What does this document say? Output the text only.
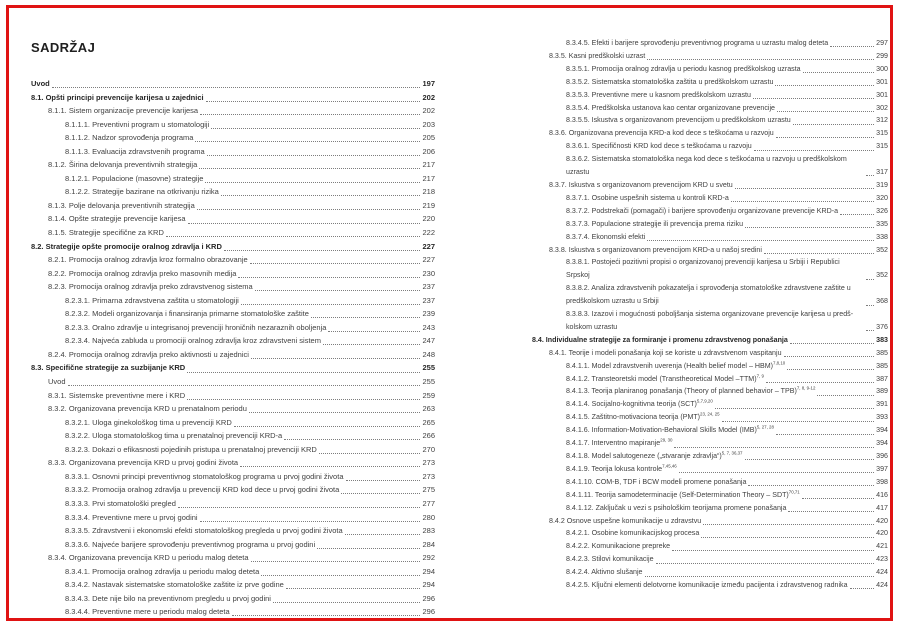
SADRŽAJ
Uvod	197
8.1. Opšti principi prevencije karijesa u zajednici	202
8.1.1. Sistem organizacije prevencije karijesa	202
8.1.1.1. Preventivni program u stomatologiji	203
8.1.1.2. Nadzor sprovođenja programa	205
8.1.1.3. Evaluacija zdravstvenih programa	206
8.1.2. Širina delovanja preventivnih strategija	217
8.1.2.1. Populacione (masovne) strategije	217
8.1.2.2. Strategije bazirane na otkrivanju rizika	218
8.1.3. Polje delovanja preventivnih strategija	219
8.1.4. Opšte strategije prevencije karijesa	220
8.1.5. Strategije specifične za KRD	222
8.2. Strategije opšte promocije oralnog zdravlja i KRD	227
8.2.1. Promocija oralnog zdravlja kroz formalno obrazovanje	227
8.2.2. Promocija oralnog zdravlja preko masovnih medija	230
8.2.3. Promocija oralnog zdravlja preko zdravstvenog sistema	237
8.2.3.1. Primarna zdravstvena zaštita u stomatologiji	237
8.2.3.2. Modeli organizovanja i finansiranja primarne stomatološke zaštite	239
8.2.3.3. Oralno zdravlje u integrisanoj prevenciji hroničnih nezaraznih oboljenja	243
8.2.3.4. Najveća zabluda u promociji oralnog zdravlja kroz zdravstveni sistem	247
8.2.4. Promocija oralnog zdravlja preko aktivnosti u zajednici	248
8.3. Specifične strategije za suzbijanje KRD	255
Uvod	255
8.3.1. Sistemske preventivne mere i KRD	259
8.3.2. Organizovana prevencija KRD u prenatalnom periodu	263
8.3.2.1. Uloga ginekološkog tima u prevenciji KRD	265
8.3.2.2. Uloga stomatološkog tima u prenatalnoj prevenciji KRD-a	266
8.3.2.3. Dokazi o efikasnosti pojedinih pristupa u prenatalnoj prevenciji KRD	270
8.3.3. Organizovana prevencija KRD u prvoj godini života	273
8.3.3.1. Osnovni principi preventivnog stomatološkog programa u prvoj godini života	273
8.3.3.2. Promocija oralnog zdravlja u prevenciji KRD kod dece u prvoj godini života	275
8.3.3.3. Prvi stomatološki pregled	277
8.3.3.4. Preventivne mere u prvoj godini	280
8.3.3.5. Zdravstveni i ekonomski efekti stomatološkog pregleda u prvoj godini života	283
8.3.3.6. Najveće barijere sprovođenju preventivnog programa u prvoj godini	284
8.3.4. Organizovana prevencija KRD u periodu malog deteta	292
8.3.4.1. Promocija oralnog zdravlja u periodu malog deteta	294
8.3.4.2. Nastavak sistematske stomatološke zaštite iz prve godine	294
8.3.4.3. Dete nije bilo na preventivnom pregledu u prvoj godini	296
8.3.4.4. Preventivne mere u periodu malog deteta	296
8.3.4.5. Efekti i barijere sprovođenju preventivnog programa u uzrastu malog deteta	297
8.3.5. Kasni predškolski uzrast	299
8.3.5.1. Promocija oralnog zdravlja u periodu kasnog predškolskog uzrasta	300
8.3.5.2. Sistematska stomatološka zaštita u predškolskom uzrastu	301
8.3.5.3. Preventivne mere u kasnom predškolskom uzrastu	301
8.3.5.4. Predškolska ustanova kao centar organizovane prevencije	302
8.3.5.5. Iskustva s organizovanom prevencijom u predškolskom uzrastu	312
8.3.6. Organizovana prevencija KRD-a kod dece s teškoćama u razvoju	315
8.3.6.1. Specifičnosti KRD kod dece s teškoćama u razvoju	315
8.3.6.2. Sistematska stomatološka nega kod dece s teškoćama u razvoju u predškolskom uzrastu	317
8.3.7. Iskustva s organizovanom prevencijom KRD u svetu	319
8.3.7.1. Osobine uspešnih sistema u kontroli KRD-a	320
8.3.7.2. Podstrekači (pomagači) i barijere sprovođenju organizovane prevencije KRD-a	326
8.3.7.3. Populacione strategije ili prevencija prema riziku	335
8.3.7.4. Ekonomski efekti	338
8.3.8. Iskustva s organizovanom prevencijom KRD-a u našoj sredini	352
8.3.8.1. Postojeći pozitivni propisi o organizovanoj prevenciji karijesa u Srbiji i Republici Srpskoj	352
8.3.8.2. Analiza zdravstvenih pokazatelja i sprovođenja stomatološke zdravstvene zaštite u predškolskom uzrastu u Srbiji	368
8.3.8.3. Izazovi i mogućnosti poboljšanja sistema organizovane prevencije karijesa u predškolskom uzrastu	376
8.4. Individualne strategije za formiranje i promenu zdravstvenog ponašanja	383
8.4.1. Teorije i modeli ponašanja koji se koriste u zdravstvenom vaspitanju	385
8.4.1.1. Model zdravstvenih uverenja (Health belief model – HBM)$^{7,8,10}$	385
8.4.1.2. Transteoretski model (Transtheoretical Model –TTM)$^{7, 9}$	387
8.4.1.3. Teorija planiranog ponašanja (Theory of planned behavior – TPB)$^{7, 8, 9-12}$	389
8.4.1.4. Socijalno-kognitivna teorija (SCT)$^{5,7,9,20}$	391
8.4.1.5. Zaštitno-motivaciona teorija (PMT)$^{23, 24, 25}$	393
8.4.1.6. Information-Motivation-Behavioral Skills Model (IMB)$^{5, 27, 28}$	394
8.4.1.7. Interventno mapiranje$^{29, 30}$	394
8.4.1.8. Model salutogeneze („stvaranje zdravlja“)$^{5, 7, 36,37}$	396
8.4.1.9. Teorija lokusa kontrole$^{7,45,46}$	397
8.4.1.10. COM-B, TDF i BCW modeli promene ponašanja	398
8.4.1.11. Teorija samodeterminacije (Self-Determination Theory – SDT)$^{70,71}$	416
8.4.1.12. Zaključak u vezi s psihološkim teorijama promene ponašanja	417
8.4.2 Osnove uspešne komunikacije u zdravstvu	420
8.4.2.1. Osobine komunikacijskog procesa	420
8.4.2.2. Komunikacione prepreke	421
8.4.2.3. Stilovi komunikacije	423
8.4.2.4. Aktivno slušanje	424
8.4.2.5. Ključni elementi delotvorne komunikacije između pacijenta i zdravstvenog radnika	424
